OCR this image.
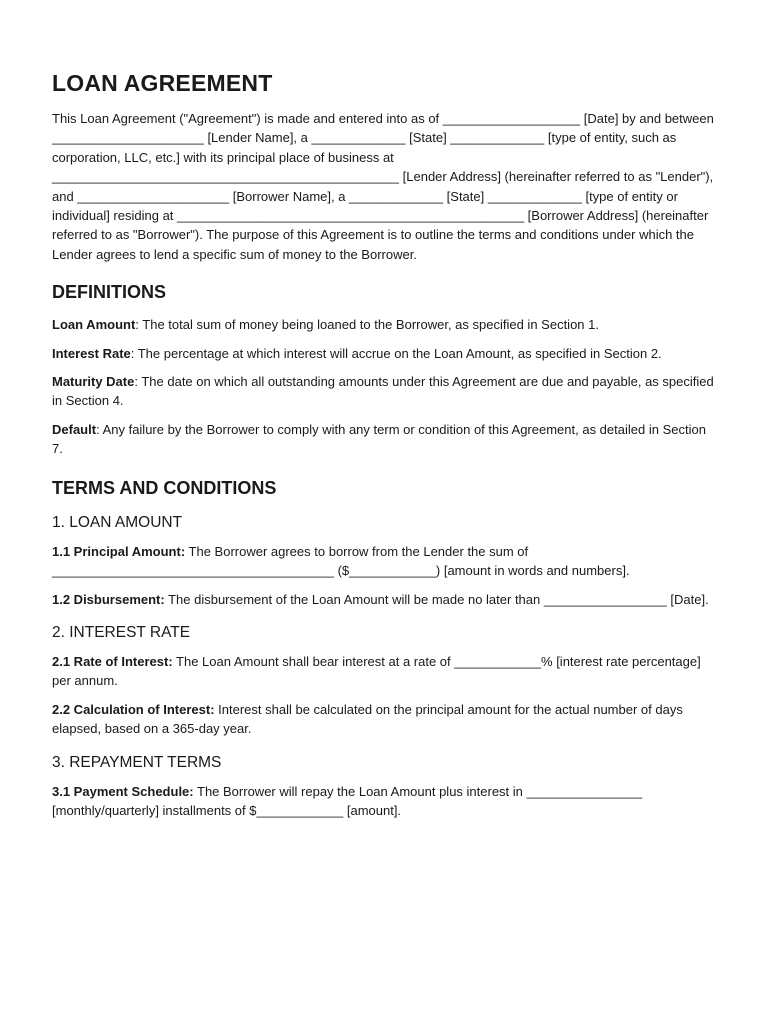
LOAN AGREEMENT

This Loan Agreement ("Agreement") is made and entered into as of ___________________ [Date] by and between _____________________ [Lender Name], a _____________ [State] _____________ [type of entity, such as corporation, LLC, etc.] with its principal place of business at ________________________________________________ [Lender Address] (hereinafter referred to as "Lender"), and _____________________ [Borrower Name], a _____________ [State] _____________ [type of entity or individual] residing at ________________________________________________ [Borrower Address] (hereinafter referred to as "Borrower"). The purpose of this Agreement is to outline the terms and conditions under which the Lender agrees to lend a specific sum of money to the Borrower.

DEFINITIONS

Loan Amount: The total sum of money being loaned to the Borrower, as specified in Section 1.

Interest Rate: The percentage at which interest will accrue on the Loan Amount, as specified in Section 2.

Maturity Date: The date on which all outstanding amounts under this Agreement are due and payable, as specified in Section 4.

Default: Any failure by the Borrower to comply with any term or condition of this Agreement, as detailed in Section 7.

TERMS AND CONDITIONS
1. LOAN AMOUNT

1.1 Principal Amount: The Borrower agrees to borrow from the Lender the sum of _______________________________________ ($____________) [amount in words and numbers].

1.2 Disbursement: The disbursement of the Loan Amount will be made no later than _________________ [Date].

2. INTEREST RATE

2.1 Rate of Interest: The Loan Amount shall bear interest at a rate of ____________% [interest rate percentage] per annum.

2.2 Calculation of Interest: Interest shall be calculated on the principal amount for the actual number of days elapsed, based on a 365-day year.

3. REPAYMENT TERMS

3.1 Payment Schedule: The Borrower will repay the Loan Amount plus interest in ________________ [monthly/quarterly] installments of $____________ [amount].
